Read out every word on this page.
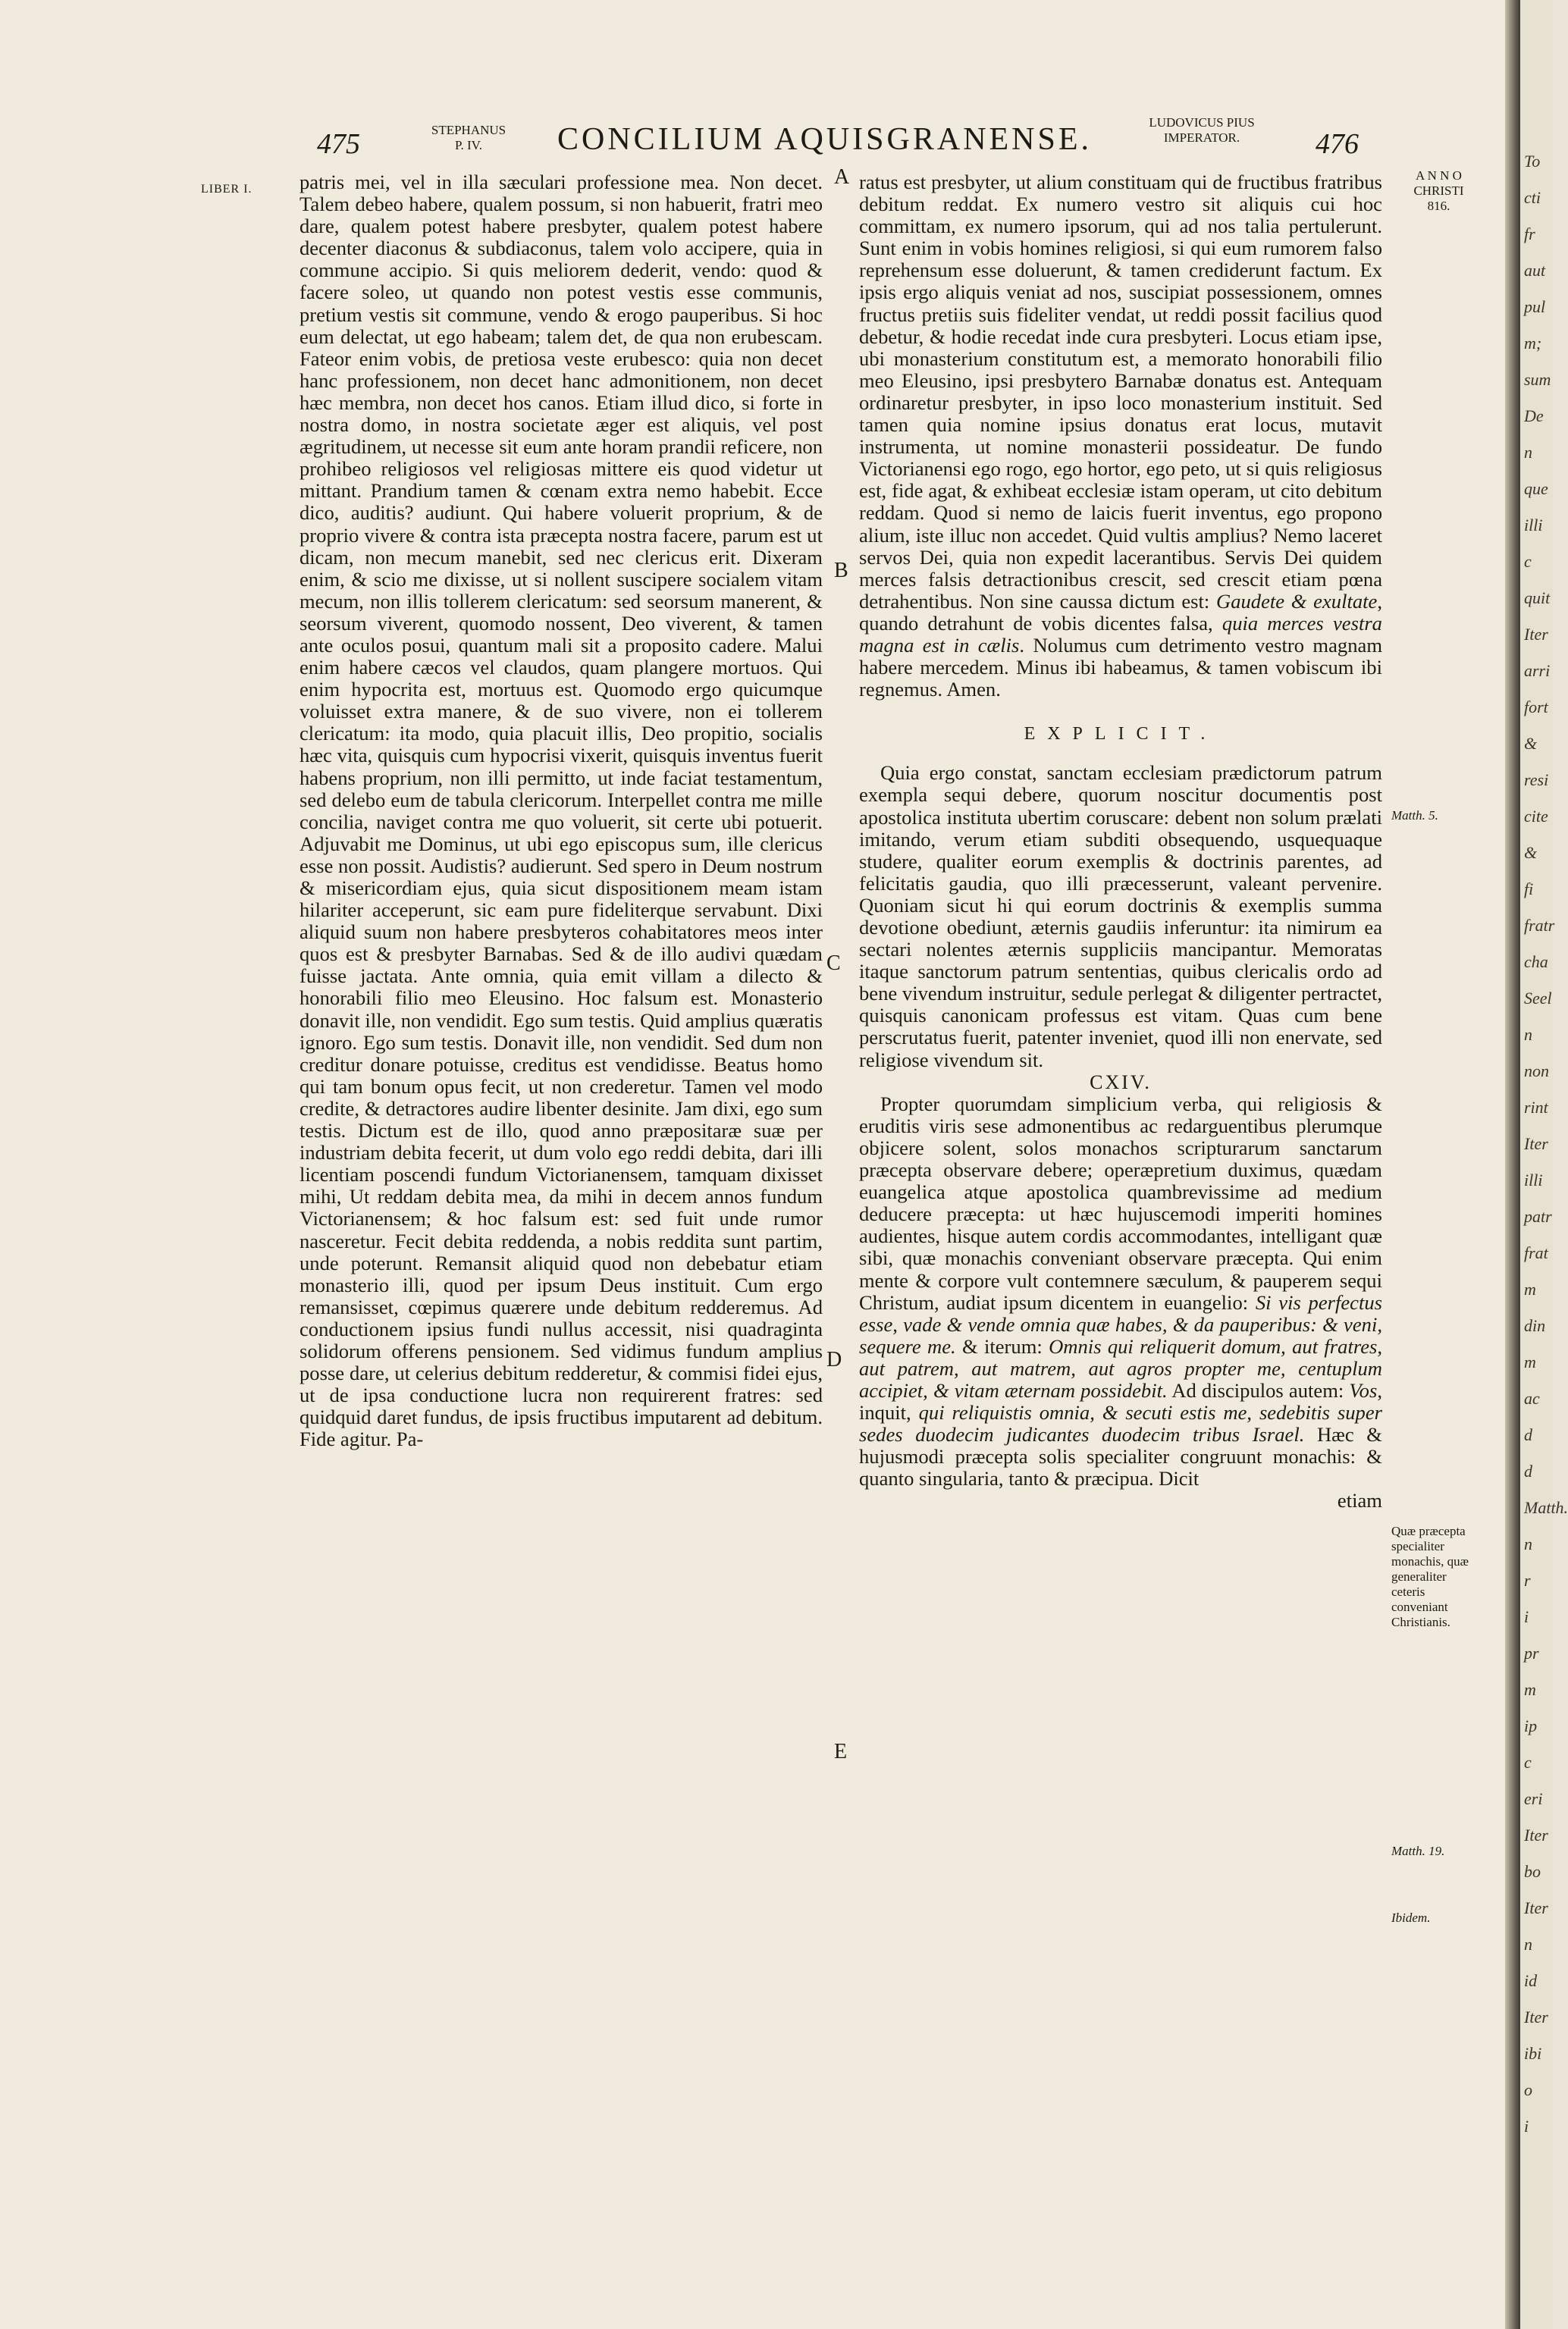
475	STEPHANUS
P. IV.	CONCILIUM AQUISGRANENSE.	LUDOVICUS PIUS
IMPERATOR.	476
LIBER I. patris mei, vel in illa sæculari professione mea. Non decet. Talem debeo habere, qualem possum, si non habuerit, fratri meo dare, qualem potest habere presbyter, qualem potest habere decenter diaconus & subdiaconus, talem volo accipere, quia in commune accipio. Si quis meliorem dederit, vendo: quod & facere soleo, ut quando non potest vestis esse communis, pretium vestis sit commune, vendo & erogo pauperibus. Si hoc eum delectat, ut ego habeam; talem det, de qua non erubescam. Fateor enim vobis, de pretiosa veste erubesco: quia non decet hanc professionem, non decet hanc admonitionem, non decet hæc membra, non decet hos canos. Etiam illud dico, si forte in nostra domo, in nostra societate æger est aliquis, vel post ægritudinem, ut necesse sit eum ante horam prandii reficere, non prohibeo religiosos vel religiosas mittere eis quod videtur ut mittant. Prandium tamen & cœnam extra nemo habebit. Ecce dico, auditis? audiunt. Qui habere voluerit proprium, & de proprio vivere & contra ista præcepta nostra facere, parum est ut dicam, non mecum manebit, sed nec clericus erit. Dixeram enim, & scio me dixisse, ut si nollent suscipere socialem vitam mecum, non illis tollerem clericatum: sed seorsum manerent, & seorsum viverent, quomodo nossent, Deo viverent, & tamen ante oculos posui, quantum mali sit a proposito cadere. Malui enim habere cæcos vel claudos, quam plangere mortuos. Qui enim hypocrita est, mortuus est. Quomodo ergo quicumque voluisset extra manere, & de suo vivere, non ei tollerem clericatum: ita modo, quia placuit illis, Deo propitio, socialis hæc vita, quisquis cum hypocrisi vixerit, quisquis inventus fuerit habens proprium, non illi permitto, ut inde faciat testamentum, sed delebo eum de tabula clericorum. Interpellet contra me mille concilia, naviget contra me quo voluerit, sit certe ubi potuerit. Adjuvabit me Dominus, ut ubi ego episcopus sum, ille clericus esse non possit. Audistis? audierunt. Sed spero in Deum nostrum & misericordiam ejus, quia sicut dispositionem meam istam hilariter acceperunt, sic eam pure fideliterque servabunt. Dixi aliquid suum non habere presbyteros cohabitatores meos inter quos est & presbyter Barnabas. Sed & de illo audivi quædam fuisse jactata. Ante omnia, quia emit villam a dilecto & honorabili filio meo Eleusino. Hoc falsum est. Monasterio donavit ille, non vendidit. Ego sum testis. Quid amplius quæratis ignoro. Ego sum testis. Donavit ille, non vendidit. Sed dum non creditur donare potuisse, creditus est vendidisse. Beatus homo qui tam bonum opus fecit, ut non crederetur. Tamen vel modo credite, & detractores audire libenter desinite. Jam dixi, ego sum testis. Dictum est de illo, quod anno præpositaræ suæ per industriam debita fecerit, ut dum volo ego reddi debita, dari illi licentiam poscendi fundum Victorianensem, tamquam dixisset mihi, Ut reddam debita mea, da mihi in decem annos fundum Victorianensem; & hoc falsum est: sed fuit unde rumor nasceretur. Fecit debita reddenda, a nobis reddita sunt partim, unde poterunt. Remansit aliquid quod non debebatur etiam monasterio illi, quod per ipsum Deus instituit. Cum ergo remansisset, cœpimus quærere unde debitum redderemus. Ad conductionem ipsius fundi nullus accessit, nisi quadraginta solidorum offerens pensionem. Sed vidimus fundum amplius posse dare, ut celerius debitum redderetur, & commisi fidei ejus, ut de ipsa conductione lucra non requirerent fratres: sed quidquid daret fundus, de ipsis fructibus imputarent ad debitum. Fide agitur. Pa-

A
B
C
D
E

ratus est presbyter, ut alium constituam qui de fructibus fratribus debitum reddat. Ex numero vestro sit aliquis cui hoc committam, ex numero ipsorum, qui ad nos talia pertulerunt. Sunt enim in vobis homines religiosi, si qui eum rumorem falso reprehensum esse doluerunt, & tamen crediderunt factum. Ex ipsis ergo aliquis veniat ad nos, suscipiat possessionem, omnes fructus pretiis suis fideliter vendat, ut reddi possit facilius quod debetur, & hodie recedat inde cura presbyteri. Locus etiam ipse, ubi monasterium constitutum est, a memorato honorabili filio meo Eleusino, ipsi presbytero Barnabæ donatus est. Antequam ordinaretur presbyter, in ipso loco monasterium instituit. Sed tamen quia nomine ipsius donatus erat locus, mutavit instrumenta, ut nomine monasterii possideatur. De fundo Victorianensi ego rogo, ego hortor, ego peto, ut si quis religiosus est, fide agat, & exhibeat ecclesiæ istam operam, ut cito debitum reddam. Quod si nemo de laicis fuerit inventus, ego propono alium, iste illuc non accedet. Quid vultis amplius? Nemo laceret servos Dei, quia non expedit lacerantibus. Servis Dei quidem merces falsis detractionibus crescit, sed crescit etiam pœna detrahentibus. Non sine caussa dictum est: Gaudete & exultate, quando detrahunt de vobis dicentes falsa, quia merces vestra magna est in cælis. Nolumus cum detrimento vestro magnam habere mercedem. Minus ibi habeamus, & tamen vobiscum ibi regnemus. Amen.

EXPLICIT.

Quia ergo constat, sanctam ecclesiam prædictorum patrum exempla sequi debere, quorum noscitur documentis post apostolica instituta ubertim coruscare: debent non solum prælati imitando, verum etiam subditi obsequendo, usquequaque studere, qualiter eorum exemplis & doctrinis parentes, ad felicitatis gaudia, quo illi præcesserunt, valeant pervenire. Quoniam sicut hi qui eorum doctrinis & exemplis summa devotione obediunt, æternis gaudiis inferuntur: ita nimirum ea sectari nolentes æternis suppliciis mancipantur. Memoratas itaque sanctorum patrum sententias, quibus clericalis ordo ad bene vivendum instruitur, sedule perlegat & diligenter pertractet, quisquis canonicam professus est vitam. Quas cum bene perscrutatus fuerit, patenter inveniet, quod illi non enervate, sed religiose vivendum sit.

CXIV.

Propter quorumdam simplicium verba, qui religiosis & eruditis viris sese admonentibus ac redarguentibus plerumque objicere solent, solos monachos scripturarum sanctarum præcepta observare debere; operæpretium duximus, quædam euangelica atque apostolica quambrevissime ad medium deducere præcepta: ut hæc hujuscemodi imperiti homines audientes, hisque autem cordis accommodantes, intelligant quæ sibi, quæ monachis conveniant observare præcepta. Qui enim mente & corpore vult contemnere sæculum, & pauperem sequi Christum, audiat ipsum dicentem in euangelio: Si vis perfectus esse, vade & vende omnia quæ habes, & da pauperibus: & veni, sequere me. & iterum: Omnis qui reliquerit domum, aut fratres, aut patrem, aut matrem, aut agros propter me, centuplum accipiet, & vitam æternam possidebit. Ad discipulos autem: Vos, inquit, qui reliquistis omnia, & secuti estis me, sedebitis super sedes duodecim judicantes duodecim tribus Israel. Hæc & hujusmodi præcepta solis specialiter congruunt monachis: & quanto singularia, tanto & præcipua. Dicit

etiam
A N N O
CHRISTI
816.
Matth. 5.
Quæ præcepta specialiter monachis, quæ generaliter ceteris conveniant Christianis.
Matth. 19.
Ibidem.
To
cti
fr
aut
pul
m;
sum
De
n
que
illi
c
quit
Iter
arri
fort
&
resi
cite
&
fi
fratr
cha
Seel
n
non
rint
Iter
illi
patr
frat
m
din
m
ac
d
d
Matth.
n
r
i
pr
m
ip
c
eri
Iter
bo
Iter
n
id
Iter
ibi
o
i
